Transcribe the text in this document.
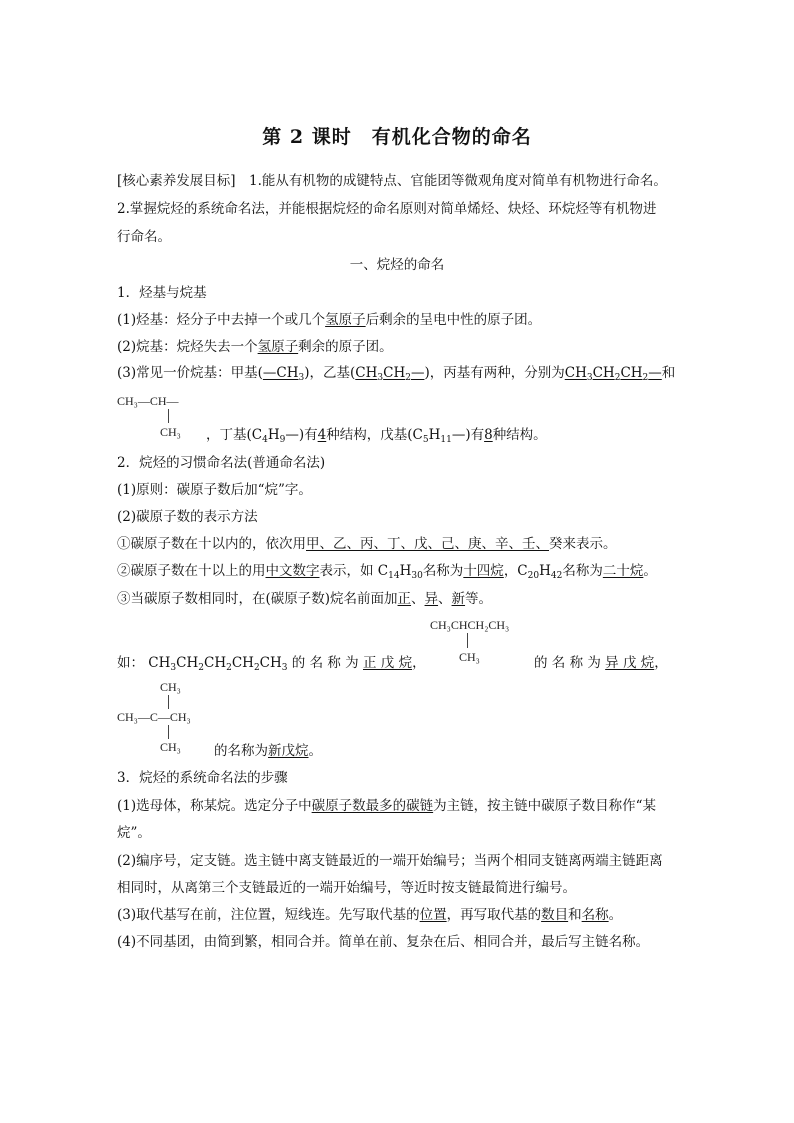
第 2 课时　有机化合物的命名
[核心素养发展目标]　1.能从有机物的成键特点、官能团等微观角度对简单有机物进行命名。
2.掌握烷烃的系统命名法，并能根据烷烃的命名原则对简单烯烃、炔烃、环烷烃等有机物进
行命名。
一、烷烃的命名
1．烃基与烷基
(1)烃基：烃分子中去掉一个或几个氢原子后剩余的呈电中性的原子团。
(2)烷基：烷烃失去一个氢原子剩余的原子团。
(3)常见一价烷基：甲基$(—CH_3)$，乙基$(CH_3CH_2—)$，丙基有两种，分别为$CH_3CH_2CH_2—$和
CH₃—CH—
CH₃ ，丁基$(C_4H_9—)$有4种结构，戊基$(C_5H_{11}—)$有8种结构。
2．烷烃的习惯命名法(普通命名法)
(1)原则：碳原子数后加“烷”字。
(2)碳原子数的表示方法
①碳原子数在十以内的，依次用甲、乙、丙、丁、戊、己、庚、辛、壬、癸来表示。
②碳原子数在十以上的用中文数字表示，如 $C_{14}H_{30}$名称为十四烷，$C_{20}H_{42}$名称为二十烷。
③当碳原子数相同时，在(碳原子数)烷名前面加正、异、新等。
CH₃CHCH₂CH₃
CH₃
如： $CH_3CH_2CH_2CH_2CH_3$ 的 名 称 为 正 戊 烷，	的 名 称 为 异 戊 烷，
CH₃
CH₃—C—CH₃
CH₃ 的名称为新戊烷。
3．烷烃的系统命名法的步骤
(1)选母体，称某烷。选定分子中碳原子数最多的碳链为主链，按主链中碳原子数目称作“某
烷”。
(2)编序号，定支链。选主链中离支链最近的一端开始编号；当两个相同支链离两端主链距离
相同时，从离第三个支链最近的一端开始编号，等近时按支链最简进行编号。
(3)取代基写在前，注位置，短线连。先写取代基的位置，再写取代基的数目和名称。
(4)不同基团，由简到繁，相同合并。简单在前、复杂在后、相同合并，最后写主链名称。
